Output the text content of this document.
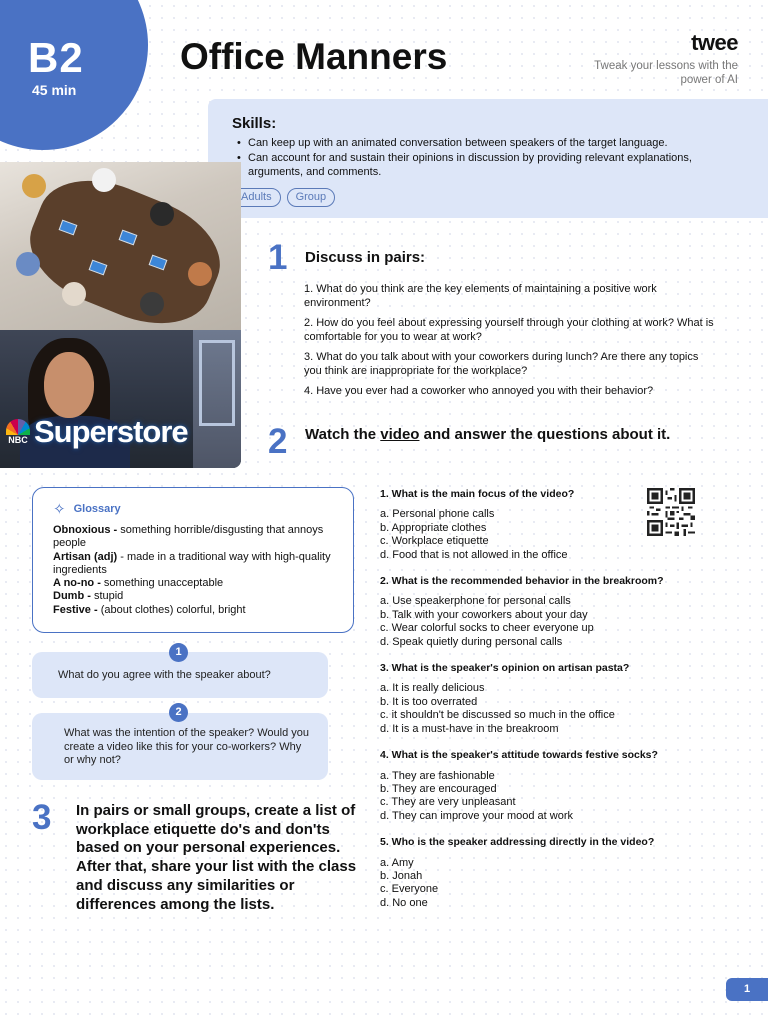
B2
45 min
Office Manners	twee
Tweak your lessons with the power of AI
Skills:
• Can keep up with an animated conversation between speakers of the target language.
• Can account for and sustain their opinions in discussion by providing relevant explanations, arguments, and comments.
Adults	Group
NBC Superstore
1 Discuss in pairs:

1. What do you think are the key elements of maintaining a positive work environment?

2. How do you feel about expressing yourself through your clothing at work? What is comfortable for you to wear at work?

3. What do you talk about with your coworkers during lunch? Are there any topics you think are inappropriate for the workplace?

4. Have you ever had a coworker who annoyed you with their behavior?

2 Watch the video and answer the questions about it.
✧ Glossary
Obnoxious - something horrible/disgusting that annoys people
Artisan (adj) - made in a traditional way with high-quality ingredients
A no-no - something unacceptable
Dumb - stupid
Festive - (about clothes) colorful, bright
What do you agree with the speaker about?
1
What was the intention of the speaker? Would you create a video like this for your co-workers? Why or why not?
2
3 In pairs or small groups, create a list of workplace etiquette do's and don'ts based on your personal experiences. After that, share your list with the class and discuss any similarities or differences among the lists.
1. What is the main focus of the video?
a. Personal phone calls
b. Appropriate clothes
c. Workplace etiquette
d. Food that is not allowed in the office
2. What is the recommended behavior in the breakroom?
a. Use speakerphone for personal calls
b. Talk with your coworkers about your day
c. Wear colorful socks to cheer everyone up
d. Speak quietly during personal calls
3. What is the speaker's opinion on artisan pasta?
a. It is really delicious
b. It is too overrated
c. it shouldn't be discussed so much in the office
d. It is a must-have in the breakroom
4. What is the speaker's attitude towards festive socks?
a. They are fashionable
b. They are encouraged
c. They are very unpleasant
d. They can improve your mood at work
5. Who is the speaker addressing directly in the video?
a. Amy
b. Jonah
c. Everyone
d. No one
1
